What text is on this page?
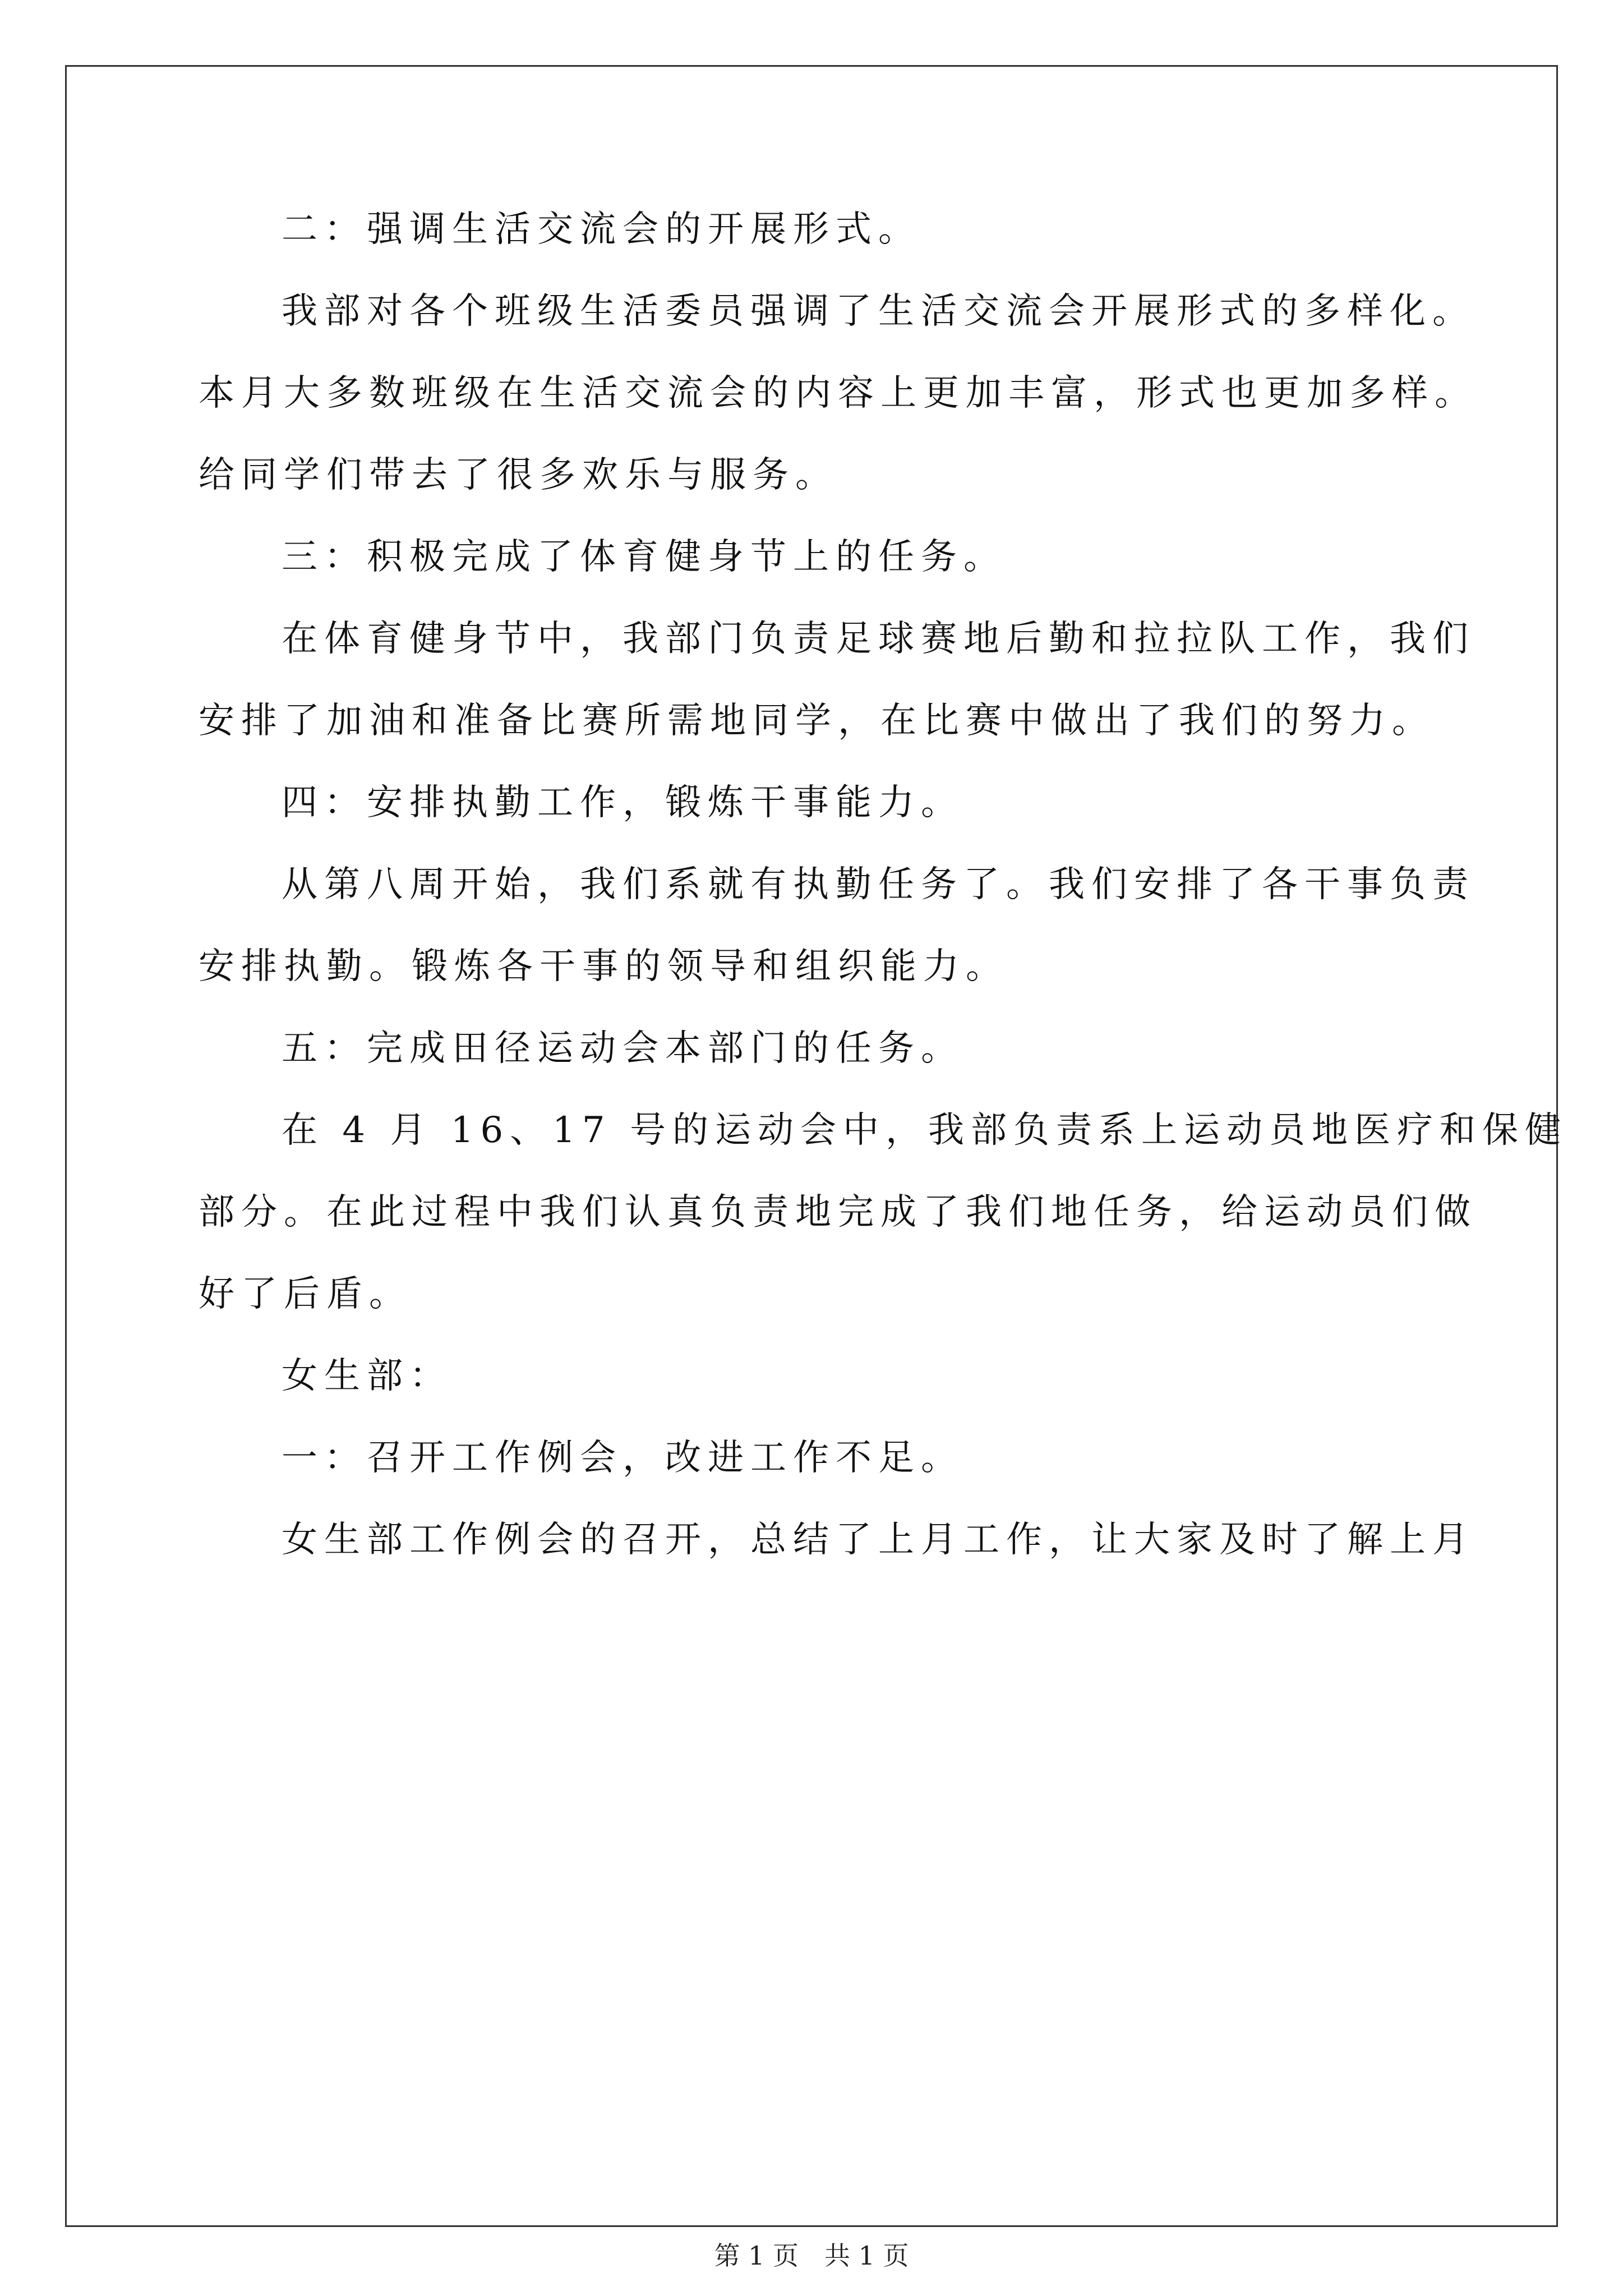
二：强调生活交流会的开展形式。

我部对各个班级生活委员强调了生活交流会开展形式的多样化。

本月大多数班级在生活交流会的内容上更加丰富，形式也更加多样。

给同学们带去了很多欢乐与服务。

三：积极完成了体育健身节上的任务。

在体育健身节中，我部门负责足球赛地后勤和拉拉队工作，我们

安排了加油和准备比赛所需地同学，在比赛中做出了我们的努力。

四：安排执勤工作，锻炼干事能力。

从第八周开始，我们系就有执勤任务了。我们安排了各干事负责

安排执勤。锻炼各干事的领导和组织能力。

五：完成田径运动会本部门的任务。

在 4 月 16、17 号的运动会中，我部负责系上运动员地医疗和保健

部分。在此过程中我们认真负责地完成了我们地任务，给运动员们做

好了后盾。

女生部：

一：召开工作例会，改进工作不足。

女生部工作例会的召开，总结了上月工作，让大家及时了解上月

第 1 页　共 1 页
